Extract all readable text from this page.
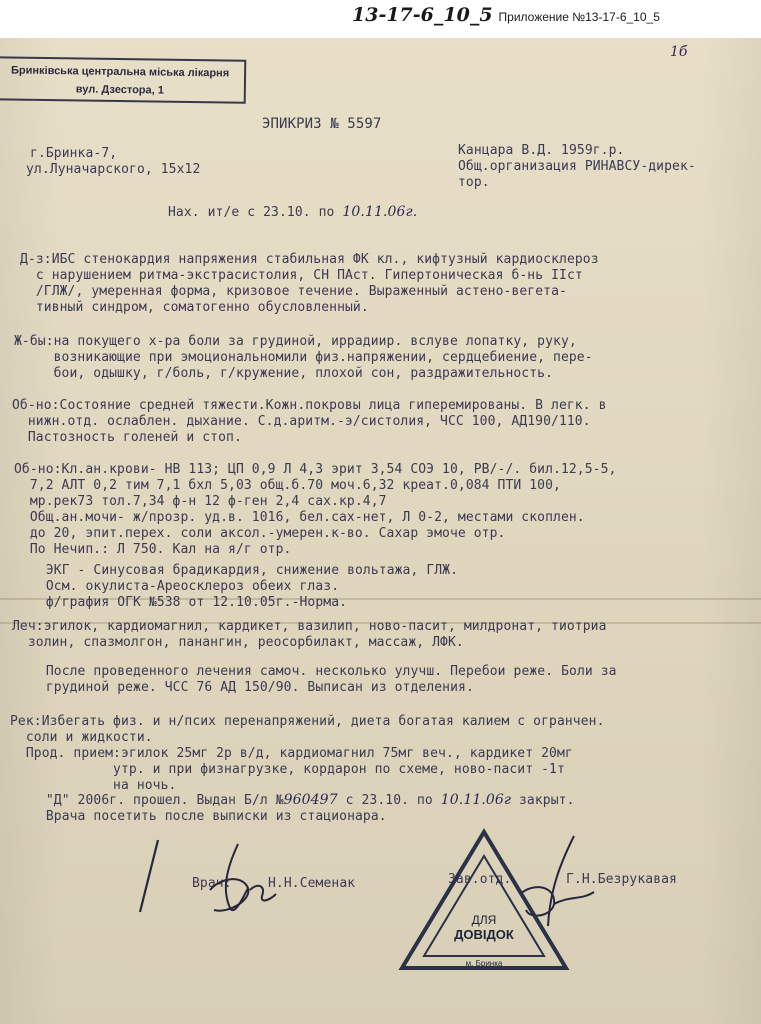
13-17-6_10_5 Приложение №13-17-6_10_5
1б
Бринківська центральна міська лікарня
вул. Дзестора, 1
ЭПИКРИЗ № 5597
г.Бринка-7,
ул.Луначарского, 15х12
Канцара В.Д. 1959г.р.
Общ.организация РИНАВСУ-дирек-
тор.
Нах. ит/е с 23.10. по 10.11.06г.
Д-з:ИБС стенокардия напряжения стабильная ФК кл., кифтузный кардиосклероз
с нарушением ритма-экстрасистолия, СН ПАст. Гипертоническая б-нь IIст
/ГЛЖ/, умеренная форма, кризовое течение. Выраженный астено-вегета-
тивный синдром, соматогенно обусловленный.
Ж-бы:на покущего х-ра боли за грудиной, иррадиир. вслуве лопатку, руку,
возникающие при эмоциональномили физ.напряжении, сердцебиение, пере-
бои, одышку, г/боль, г/кружение, плохой сон, раздражительность.
Об-но:Состояние средней тяжести.Кожн.покровы лица гиперемированы. В легк. в
нижн.отд. ослаблен. дыхание. С.д.аритм.-э/систолия, ЧСС 100, АД190/110.
Пастозность голеней и стоп.
Об-но:Кл.ан.крови- НВ 113; ЦП 0,9 Л 4,3 эрит 3,54 СОЭ 10, РВ/-/. бил.12,5-5,
7,2 АЛТ 0,2 тим 7,1 бхл 5,03 общ.б.70 моч.6,32 креат.0,084 ПТИ 100,
мр.рек73 тол.7,34 ф-н 12 ф-ген 2,4 сах.кр.4,7
Общ.ан.мочи- ж/прозр. уд.в. 1016, бел.сах-нет, Л 0-2, местами скоплен.
до 20, эпит.перех. соли аксол.-умерен.к-во. Сахар эмоче отр.
По Нечип.: Л 750. Кал на я/г отр.
ЭКГ - Синусовая брадикардия, снижение вольтажа, ГЛЖ.
Осм. окулиста-Ареосклероз обеих глаз.
ф/графия ОГК №538 от 12.10.05г.-Норма.
Леч:эгилок, кардиомагнил, кардикет, вазилип, ново-пасит, милдронат, тиотриа
золин, спазмолгон, панангин, реосорбилакт, массаж, ЛФК.
После проведенного лечения самоч. несколько улучш. Перебои реже. Боли за
грудиной реже. ЧСС 76 АД 150/90. Выписан из отделения.
Рек:Избегать физ. и н/псих перенапряжений, диета богатая калием с огранчен.
соли и жидкости.
Прод. прием:эгилок 25мг 2р в/д, кардиомагнил 75мг веч., кардикет 20мг
утр. и при физнагрузке, кордарон по схеме, ново-пасит -1т
на ночь.
"Д" 2006г. прошел. Выдан Б/л №960497 с 23.10. по 10.11.06г закрыт.
Врача посетить после выписки из стационара.
Врач:	Н.Н.Семенак	Зав.отд.	Г.Н.Безрукавая
ДЛЯ
ДОВІДОК
м. Бринка
